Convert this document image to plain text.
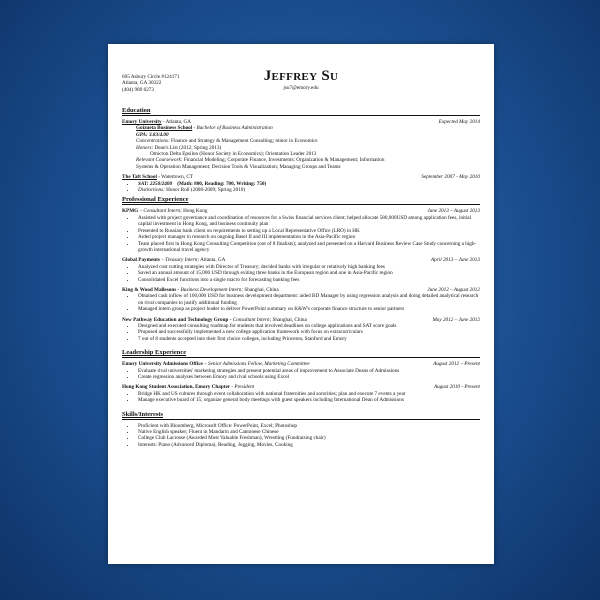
605 Asbury Circle #124171
Atlanta, GA 30322
(404) 989 0273
JEFFREY SU
jsu7@emory.edu
Education
Emory University - Atlanta, GA	Expected May 2014
Goizueta Business School - Bachelor of Business Administration
GPA: 3.83/4.00
Concentrations: Finance and Strategy & Management Consulting; minor in Economics
Honors: Dean's List (2012; Spring 2013)
Omicron Delta Epsilon (Honor Society in Economics); Orientation Leader 2013
Relevant Coursework: Financial Modeling; Corporate Finance, Investments; Organization & Management; Information
Systems & Operation Management; Decision Tools & Visualization; Managing Groups and Teams
The Taft School - Watertown, CT	September 2007 - May 2010
• SAT: 2250/2400 (Math: 800, Reading: 700, Writing: 750)
• Distinctions: Honor Roll (2008-2009; Spring 2010)
Professional Experience
KPMG – Consultant Intern; Hong Kong	June 2013 – August 2013
• Assisted with project governance and coordination of resources for a Swiss financial services client; helped allocate 580,000USD among application fees, initial capital investment in Hong Kong, and business continuity plan
• Presented to Russian bank client on requirements to setting up a Local Representative Office (LRO) in HK
• Aided project manager in research on ongoing Basel II and III implementation in the Asia-Pacific region
• Team placed first in Hong Kong Consulting Competition (out of 8 finalists); analyzed and presented on a Harvard Business Review Case Study concerning a high-growth international travel agency
Global Payments – Treasury Intern; Atlanta, GA	April 2013 – June 2013
• Analyzed cost cutting strategies with Director of Treasury; decided banks with irregular or relatively high banking fees
• Saved an annual amount of 15,000 USD through exiting three banks in the European region and one in Asia-Pacific region
• Consolidated Excel functions into a single macro for forecasting banking fees
King & Wood Mallesons - Business Development Intern; Shanghai, China	June 2012 – August 2012
• Obtained cash inflow of 100,000 USD for business development department: aided BD Manager by using regression analysis and doing detailed analytical research on rival companies to justify additional funding
• Managed intern group as project leader to deliver PowerPoint summary on K&W's corporate finance structure to senior partners
New Pathway Education and Technology Group - Consultant Intern; Shanghai, China	May 2012 – June 2012
• Designed and executed consulting roadmap for students that involved deadlines on college applications and SAT score goals
• Proposed and successfully implemented a new college application framework with focus on extracurriculars
• 7 out of 8 students accepted into their first choice colleges, including Princeton, Stanford and Emory
Leadership Experience
Emory University Admissions Office – Senior Admissions Fellow, Marketing Committee	August 2012 – Present
• Evaluate rival universities' marketing strategies and present potential areas of improvement to Associate Deans of Admissions
• Create regression analyses between Emory and rival schools using Excel
Hong Kong Student Association, Emory Chapter - President	August 2010 - Present
• Bridge HK and US cultures through event collaboration with national fraternities and sororities; plan and execute 7 events a year
• Manage executive board of 15; organize general body meetings with guest speakers including International Dean of Admissions
Skills/Interests
• Proficient with Bloomberg, Microsoft Office: PowerPoint, Excel; Photoshop
• Native English speaker; Fluent in Mandarin and Cantonese Chinese
• College Club Lacrosse (Awarded Most Valuable Freshman), Wrestling (Fundraising chair)
• Interests: Piano (Advanced Diploma), Reading, Jogging, Movies, Cooking
